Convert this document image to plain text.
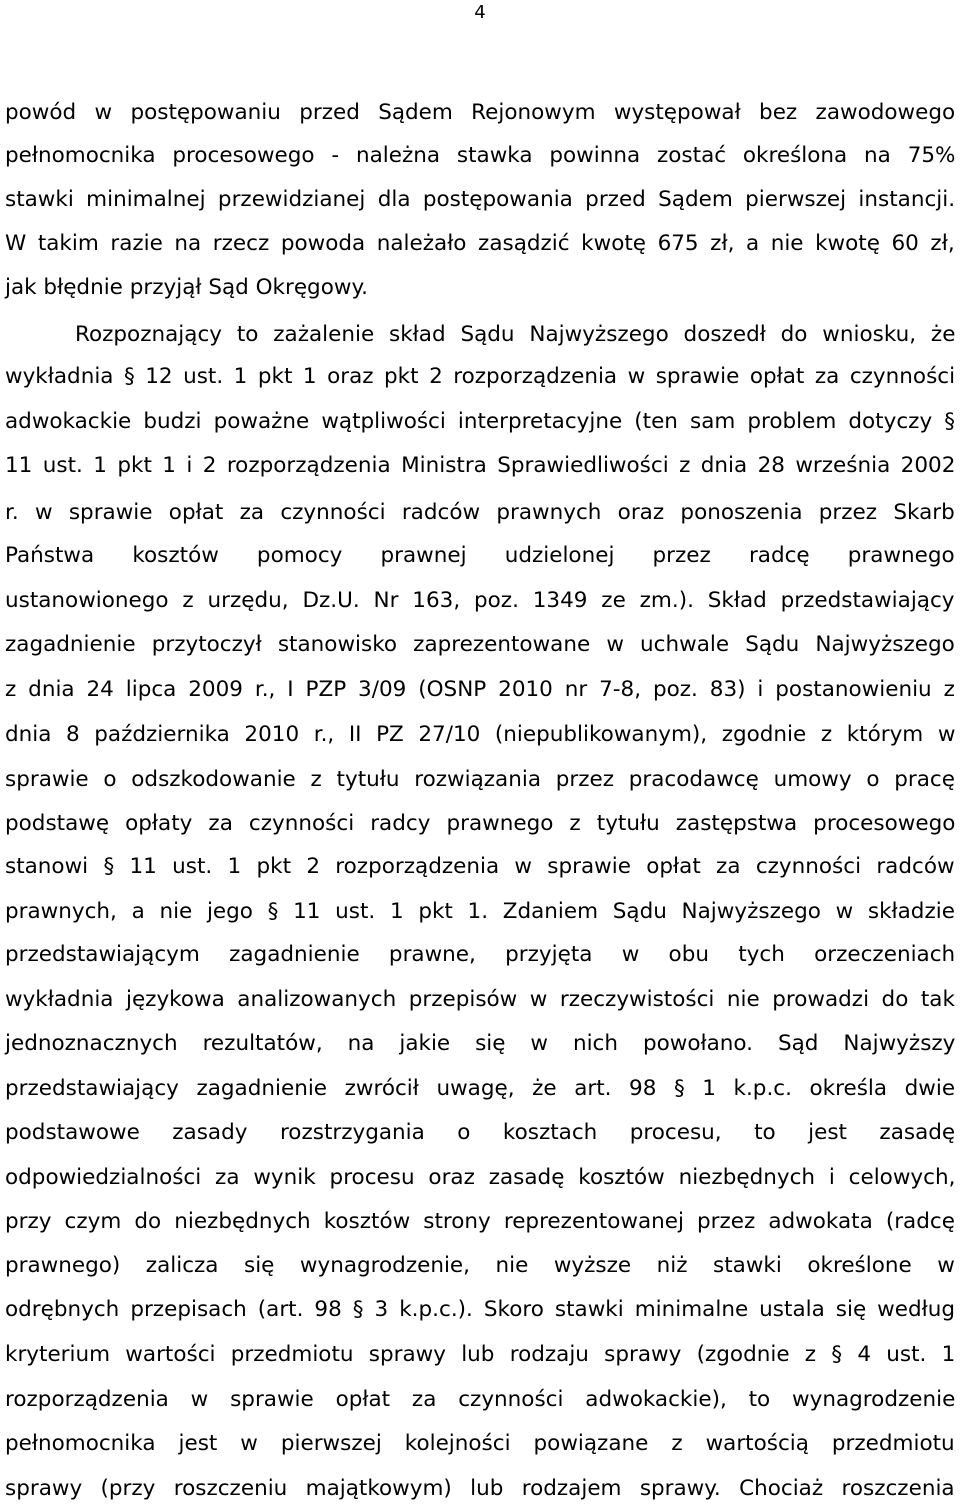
4
powód w postępowaniu przed Sądem Rejonowym występował bez zawodowego
pełnomocnika procesowego - należna stawka powinna zostać określona na 75%
stawki minimalnej przewidzianej dla postępowania przed Sądem pierwszej instancji.
W takim razie na rzecz powoda należało zasądzić kwotę 675 zł, a nie kwotę 60 zł,
jak błędnie przyjął Sąd Okręgowy.
Rozpoznający to zażalenie skład Sądu Najwyższego doszedł do wniosku, że
wykładnia § 12 ust. 1 pkt 1 oraz pkt 2 rozporządzenia w sprawie opłat za czynności
adwokackie budzi poważne wątpliwości interpretacyjne (ten sam problem dotyczy §
11 ust. 1 pkt 1 i 2 rozporządzenia Ministra Sprawiedliwości z dnia 28 września 2002
r. w sprawie opłat za czynności radców prawnych oraz ponoszenia przez Skarb
Państwa kosztów pomocy prawnej udzielonej przez radcę prawnego
ustanowionego z urzędu, Dz.U. Nr 163, poz. 1349 ze zm.). Skład przedstawiający
zagadnienie przytoczył stanowisko zaprezentowane w uchwale Sądu Najwyższego
z dnia 24 lipca 2009 r., I PZP 3/09 (OSNP 2010 nr 7-8, poz. 83) i postanowieniu z
dnia 8 października 2010 r., II PZ 27/10 (niepublikowanym), zgodnie z którym w
sprawie o odszkodowanie z tytułu rozwiązania przez pracodawcę umowy o pracę
podstawę opłaty za czynności radcy prawnego z tytułu zastępstwa procesowego
stanowi § 11 ust. 1 pkt 2 rozporządzenia w sprawie opłat za czynności radców
prawnych, a nie jego § 11 ust. 1 pkt 1. Zdaniem Sądu Najwyższego w składzie
przedstawiającym zagadnienie prawne, przyjęta w obu tych orzeczeniach
wykładnia językowa analizowanych przepisów w rzeczywistości nie prowadzi do tak
jednoznacznych rezultatów, na jakie się w nich powołano. Sąd Najwyższy
przedstawiający zagadnienie zwrócił uwagę, że art. 98 § 1 k.p.c. określa dwie
podstawowe zasady rozstrzygania o kosztach procesu, to jest zasadę
odpowiedzialności za wynik procesu oraz zasadę kosztów niezbędnych i celowych,
przy czym do niezbędnych kosztów strony reprezentowanej przez adwokata (radcę
prawnego) zalicza się wynagrodzenie, nie wyższe niż stawki określone w
odrębnych przepisach (art. 98 § 3 k.p.c.). Skoro stawki minimalne ustala się według
kryterium wartości przedmiotu sprawy lub rodzaju sprawy (zgodnie z § 4 ust. 1
rozporządzenia w sprawie opłat za czynności adwokackie), to wynagrodzenie
pełnomocnika jest w pierwszej kolejności powiązane z wartością przedmiotu
sprawy (przy roszczeniu majątkowym) lub rodzajem sprawy. Chociaż roszczenia
